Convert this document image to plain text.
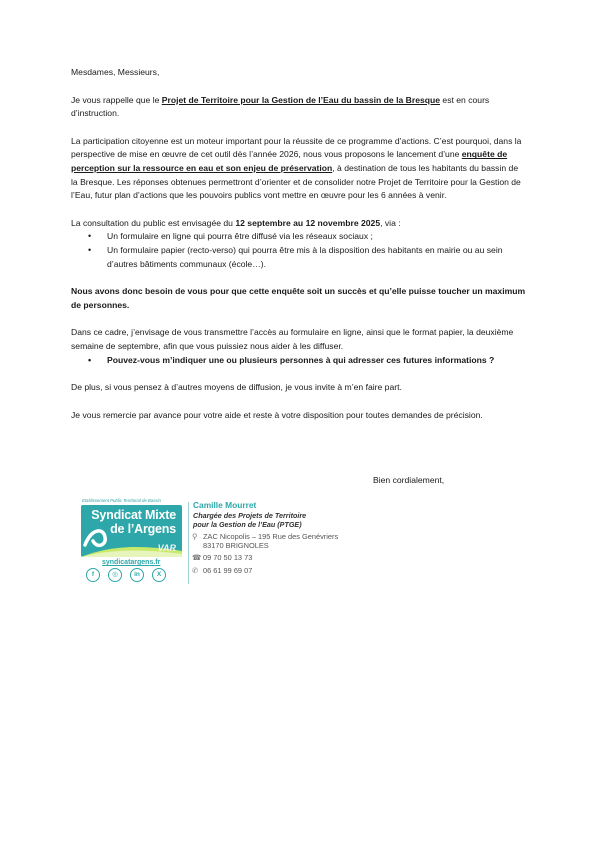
Mesdames, Messieurs,

Je vous rappelle que le Projet de Territoire pour la Gestion de l’Eau du bassin de la Bresque est en cours d’instruction.

La participation citoyenne est un moteur important pour la réussite de ce programme d’actions. C’est pourquoi, dans la perspective de mise en œuvre de cet outil dès l’année 2026, nous vous proposons le lancement d’une enquête de perception sur la ressource en eau et son enjeu de préservation, à destination de tous les habitants du bassin de la Bresque. Les réponses obtenues permettront d’orienter et de consolider notre Projet de Territoire pour la Gestion de l’Eau, futur plan d’actions que les pouvoirs publics vont mettre en œuvre pour les 6 années à venir.

La consultation du public est envisagée du 12 septembre au 12 novembre 2025, via :

• Un formulaire en ligne qui pourra être diffusé via les réseaux sociaux ;
• Un formulaire papier (recto-verso) qui pourra être mis à la disposition des habitants en mairie ou au sein d’autres bâtiments communaux (école…).

Nous avons donc besoin de vous pour que cette enquête soit un succès et qu’elle puisse toucher un maximum de personnes.

Dans ce cadre, j’envisage de vous transmettre l’accès au formulaire en ligne, ainsi que le format papier, la deuxième semaine de septembre, afin que vous puissiez nous aider à les diffuser.

• Pouvez-vous m’indiquer une ou plusieurs personnes à qui adresser ces futures informations ?

De plus, si vous pensez à d’autres moyens de diffusion, je vous invite à m’en faire part.

Je vous remercie par avance pour votre aide et reste à votre disposition pour toutes demandes de précision.

Bien cordialement,
Etablissement Public Territorial de Bassin
Syndicat Mixte
de l’Argens
VAR
syndicatargens.fr
f	◎	in	X
Camille Mourret
Chargée des Projets de Territoire
pour la Gestion de l’Eau (PTGE)
⚲ ZAC Nicopolis – 195 Rue des Genévriers
83170 BRIGNOLES
☎ 09 70 50 13 73
✆ 06 61 99 69 07
